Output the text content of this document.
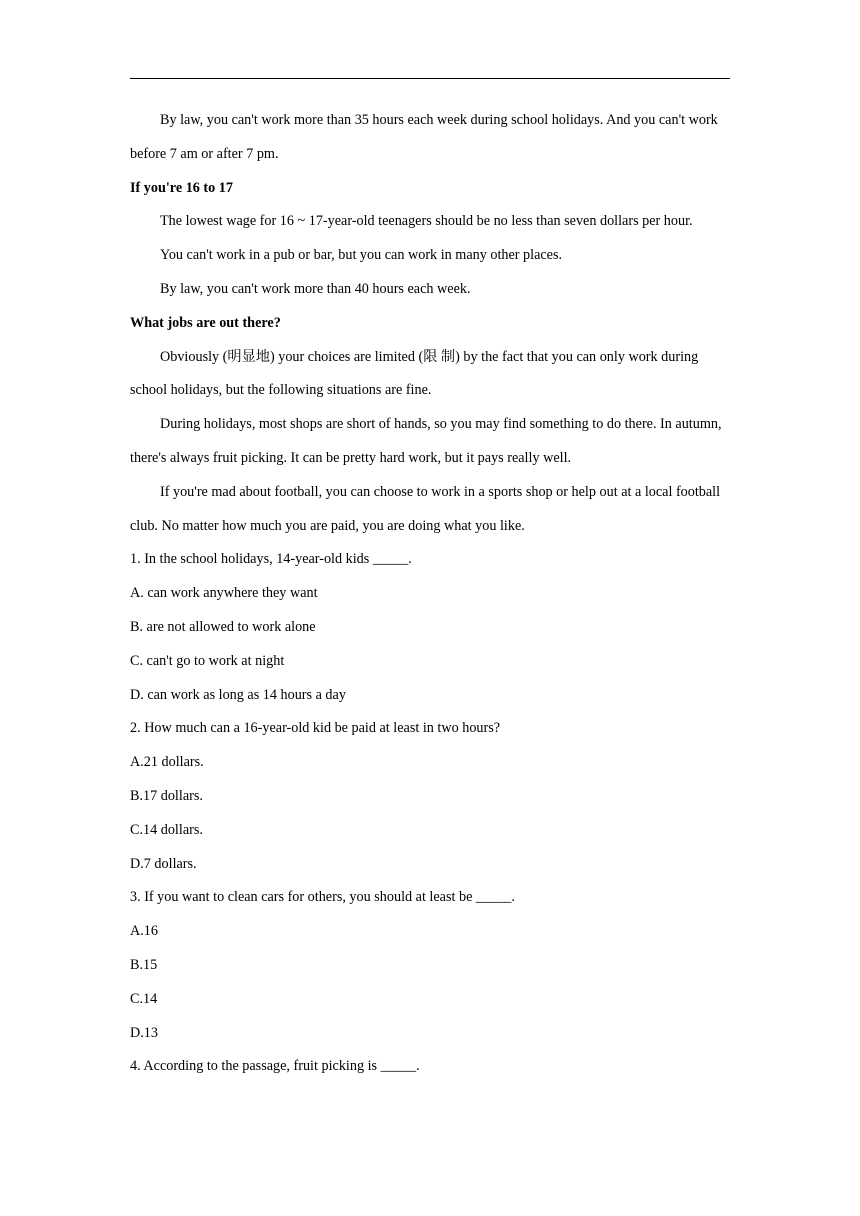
By law, you can't work more than 35 hours each week during school holidays. And you can't work before 7 am or after 7 pm.

If you're 16 to 17

The lowest wage for 16 ~ 17-year-old teenagers should be no less than seven dollars per hour.

You can't work in a pub or bar, but you can work in many other places.

By law, you can't work more than 40 hours each week.

What jobs are out there?

Obviously (明显地) your choices are limited (限 制) by the fact that you can only work during school holidays, but the following situations are fine.

During holidays, most shops are short of hands, so you may find something to do there. In autumn, there's always fruit picking. It can be pretty hard work, but it pays really well.

If you're mad about football, you can choose to work in a sports shop or help out at a local football club. No matter how much you are paid, you are doing what you like.

1. In the school holidays, 14-year-old kids _____.

A. can work anywhere they want

B. are not allowed to work alone

C. can't go to work at night

D. can work as long as 14 hours a day

2. How much can a 16-year-old kid be paid at least in two hours?

A.21 dollars.

B.17 dollars.

C.14 dollars.

D.7 dollars.

3. If you want to clean cars for others, you should at least be _____.

A.16

B.15

C.14

D.13

4. According to the passage, fruit picking is _____.
